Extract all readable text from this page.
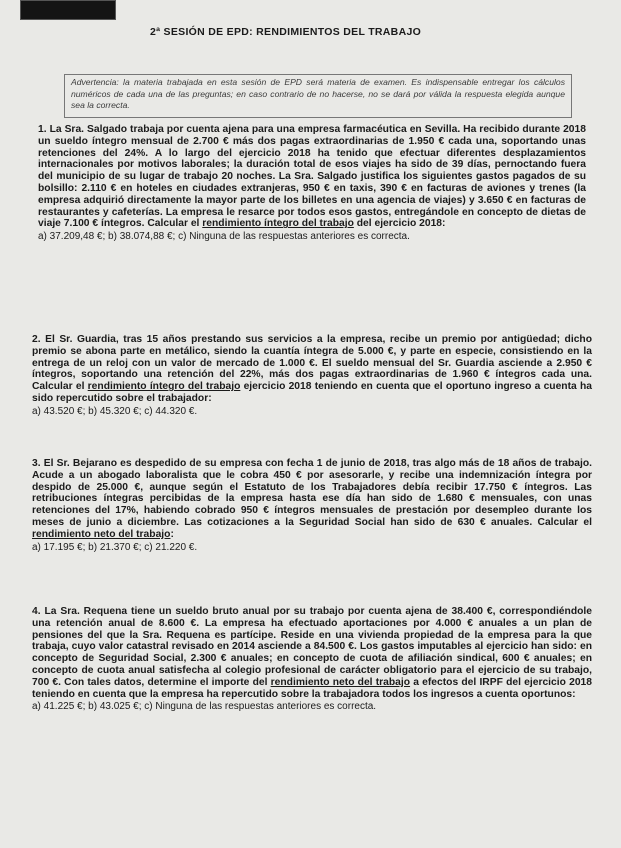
2ª SESIÓN DE EPD: RENDIMIENTOS DEL TRABAJO
Advertencia: la materia trabajada en esta sesión de EPD será materia de examen. Es indispensable entregar los cálculos numéricos de cada una de las preguntas; en caso contrario de no hacerse, no se dará por válida la respuesta elegida aunque sea la correcta.
1. La Sra. Salgado trabaja por cuenta ajena para una empresa farmacéutica en Sevilla. Ha recibido durante 2018 un sueldo íntegro mensual de 2.700 € más dos pagas extraordinarias de 1.950 € cada una, soportando unas retenciones del 24%. A lo largo del ejercicio 2018 ha tenido que efectuar diferentes desplazamientos internacionales por motivos laborales; la duración total de esos viajes ha sido de 39 días, pernoctando fuera del municipio de su lugar de trabajo 20 noches. La Sra. Salgado justifica los siguientes gastos pagados de su bolsillo: 2.110 € en hoteles en ciudades extranjeras, 950 € en taxis, 390 € en facturas de aviones y trenes (la empresa adquirió directamente la mayor parte de los billetes en una agencia de viajes) y 3.650 € en facturas de restaurantes y cafeterías. La empresa le resarce por todos esos gastos, entregándole en concepto de dietas de viaje 7.100 € íntegros. Calcular el rendimiento íntegro del trabajo del ejercicio 2018:
a) 37.209,48 €; b) 38.074,88 €; c) Ninguna de las respuestas anteriores es correcta.
2. El Sr. Guardia, tras 15 años prestando sus servicios a la empresa, recibe un premio por antigüedad; dicho premio se abona parte en metálico, siendo la cuantía íntegra de 5.000 €, y parte en especie, consistiendo en la entrega de un reloj con un valor de mercado de 1.000 €. El sueldo mensual del Sr. Guardia asciende a 2.950 € íntegros, soportando una retención del 22%, más dos pagas extraordinarias de 1.960 € íntegros cada una. Calcular el rendimiento íntegro del trabajo ejercicio 2018 teniendo en cuenta que el oportuno ingreso a cuenta ha sido repercutido sobre el trabajador:
a) 43.520 €; b) 45.320 €; c) 44.320 €.
3. El Sr. Bejarano es despedido de su empresa con fecha 1 de junio de 2018, tras algo más de 18 años de trabajo. Acude a un abogado laboralista que le cobra 450 € por asesorarle, y recibe una indemnización íntegra por despido de 25.000 €, aunque según el Estatuto de los Trabajadores debía recibir 17.750 € íntegros. Las retribuciones íntegras percibidas de la empresa hasta ese día han sido de 1.680 € mensuales, con unas retenciones del 17%, habiendo cobrado 950 € íntegros mensuales de prestación por desempleo durante los meses de junio a diciembre. Las cotizaciones a la Seguridad Social han sido de 630 € anuales. Calcular el rendimiento neto del trabajo:
a) 17.195 €; b) 21.370 €; c) 21.220 €.
4. La Sra. Requena tiene un sueldo bruto anual por su trabajo por cuenta ajena de 38.400 €, correspondiéndole una retención anual de 8.600 €. La empresa ha efectuado aportaciones por 4.000 € anuales a un plan de pensiones del que la Sra. Requena es partícipe. Reside en una vivienda propiedad de la empresa para la que trabaja, cuyo valor catastral revisado en 2014 asciende a 84.500 €. Los gastos imputables al ejercicio han sido: en concepto de Seguridad Social, 2.300 € anuales; en concepto de cuota de afiliación sindical, 600 € anuales; en concepto de cuota anual satisfecha al colegio profesional de carácter obligatorio para el ejercicio de su trabajo, 700 €. Con tales datos, determine el importe del rendimiento neto del trabajo a efectos del IRPF del ejercicio 2018 teniendo en cuenta que la empresa ha repercutido sobre la trabajadora todos los ingresos a cuenta oportunos:
a) 41.225 €; b) 43.025 €; c) Ninguna de las respuestas anteriores es correcta.
